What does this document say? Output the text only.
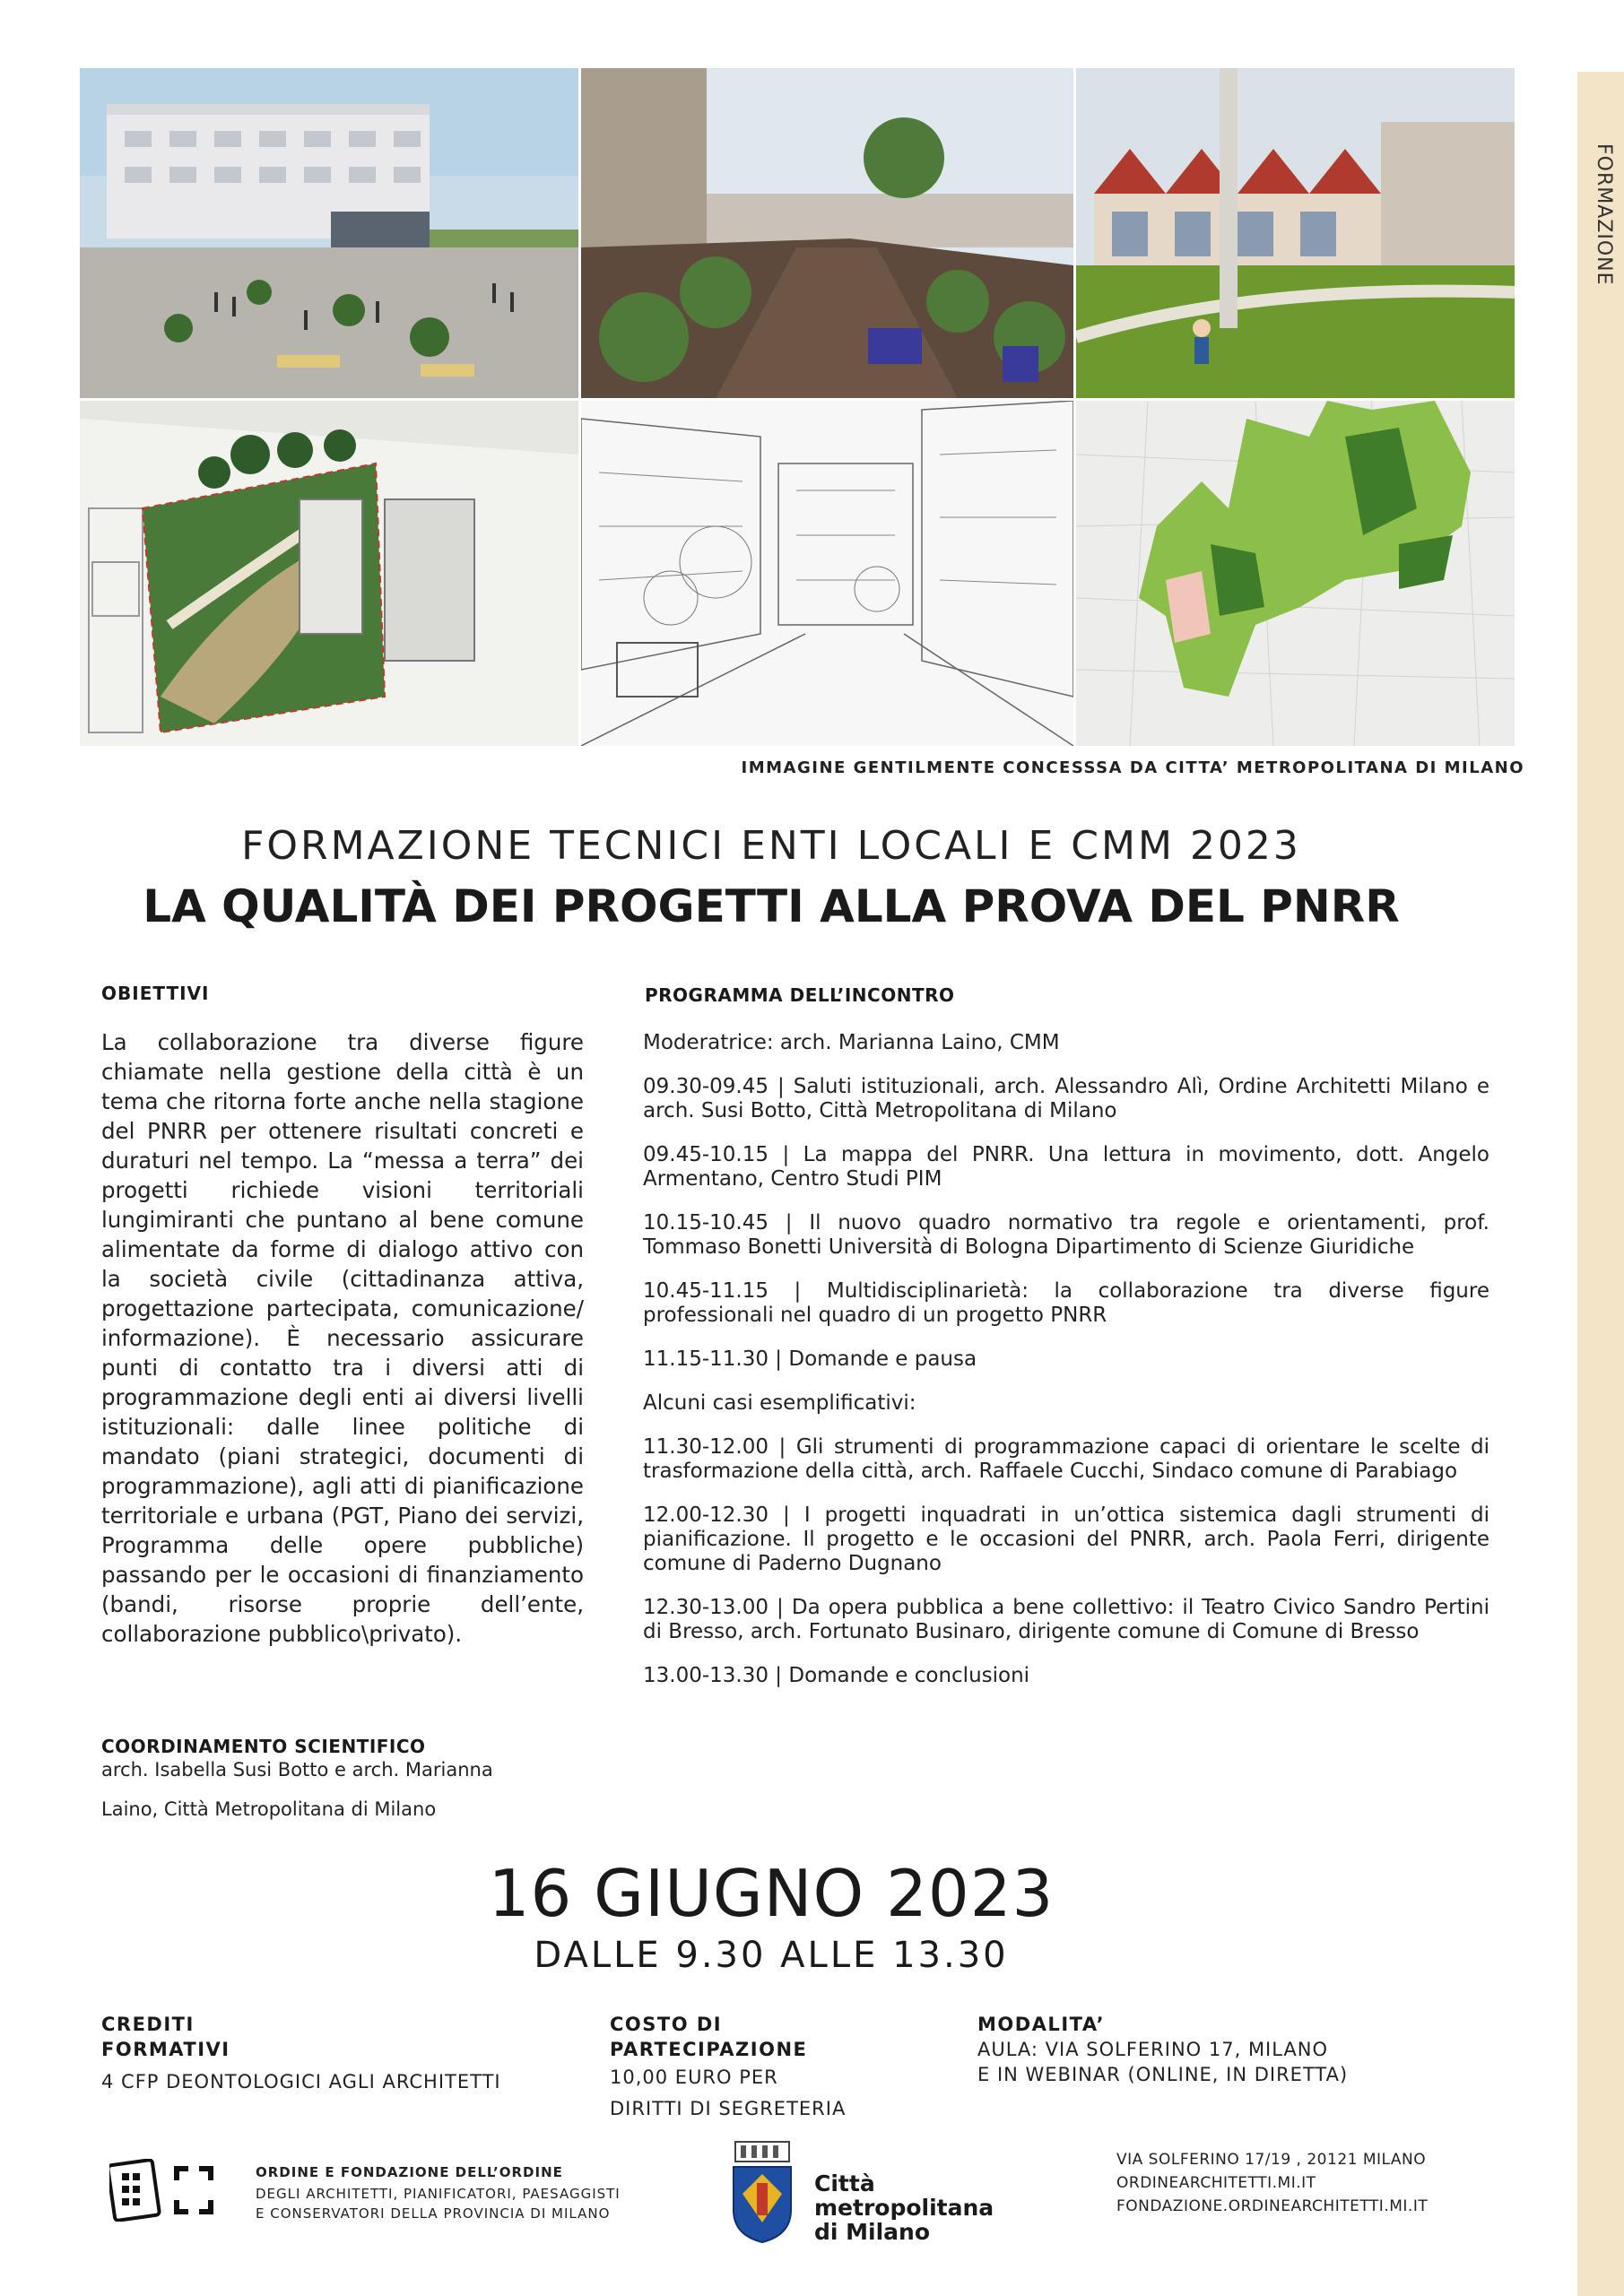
FORMAZIONE
IMMAGINE GENTILMENTE CONCESSSA DA CITTA’ METROPOLITANA DI MILANO
FORMAZIONE TECNICI ENTI LOCALI E CMM 2023
LA QUALITÀ DEI PROGETTI ALLA PROVA DEL PNRR
OBIETTIVI
La collaborazione tra diverse figure chiamate nella gestione della città è un tema che ritorna forte anche nella stagione del PNRR per ottenere risultati concreti e duraturi nel tempo. La “messa a terra” dei progetti richiede visioni territoriali lungimiranti che puntano al bene comune alimentate da forme di dialogo attivo con la società civile (cittadinanza attiva, progettazione partecipata, comunicazione/ informazione). È necessario assicurare punti di contatto tra i diversi atti di programmazione degli enti ai diversi livelli istituzionali: dalle linee politiche di mandato (piani strategici, documenti di programmazione), agli atti di pianificazione territoriale e urbana (PGT, Piano dei servizi, Programma delle opere pubbliche) passando per le occasioni di finanziamento (bandi, risorse proprie dell’ente, collaborazione pubblico\privato).
COORDINAMENTO SCIENTIFICO
arch. Isabella Susi Botto e arch. Marianna
Laino, Città Metropolitana di Milano
PROGRAMMA DELL’INCONTRO

Moderatrice: arch. Marianna Laino, CMM

09.30-09.45 | Saluti istituzionali, arch. Alessandro Alì, Ordine Architetti Milano e arch. Susi Botto, Città Metropolitana di Milano

09.45-10.15 | La mappa del PNRR. Una lettura in movimento, dott. Angelo Armentano, Centro Studi PIM

10.15-10.45 | Il nuovo quadro normativo tra regole e orientamenti, prof. Tommaso Bonetti Università di Bologna Dipartimento di Scienze Giuridiche

10.45-11.15 | Multidisciplinarietà: la collaborazione tra diverse figure professionali nel quadro di un progetto PNRR

11.15-11.30 | Domande e pausa

Alcuni casi esemplificativi:

11.30-12.00 | Gli strumenti di programmazione capaci di orientare le scelte di trasformazione della città, arch. Raffaele Cucchi, Sindaco comune di Parabiago

12.00-12.30 | I progetti inquadrati in un’ottica sistemica dagli strumenti di pianificazione. Il progetto e le occasioni del PNRR, arch. Paola Ferri, dirigente comune di Paderno Dugnano

12.30-13.00 | Da opera pubblica a bene collettivo: il Teatro Civico Sandro Pertini di Bresso, arch. Fortunato Businaro, dirigente comune di Comune di Bresso

13.00-13.30 | Domande e conclusioni

16 GIUGNO 2023
DALLE 9.30 ALLE 13.30
CREDITI
FORMATIVI
4 CFP DEONTOLOGICI AGLI ARCHITETTI
COSTO DI
PARTECIPAZIONE
10,00 EURO PER
DIRITTI DI SEGRETERIA
MODALITA’
AULA: VIA SOLFERINO 17, MILANO
E IN WEBINAR (ONLINE, IN DIRETTA)
ORDINE E FONDAZIONE DELL’ORDINE
DEGLI ARCHITETTI, PIANIFICATORI, PAESAGGISTI
E CONSERVATORI DELLA PROVINCIA DI MILANO
Città
metropolitana
di Milano
VIA SOLFERINO 17/19 , 20121 MILANO
ORDINEARCHITETTI.MI.IT
FONDAZIONE.ORDINEARCHITETTI.MI.IT
